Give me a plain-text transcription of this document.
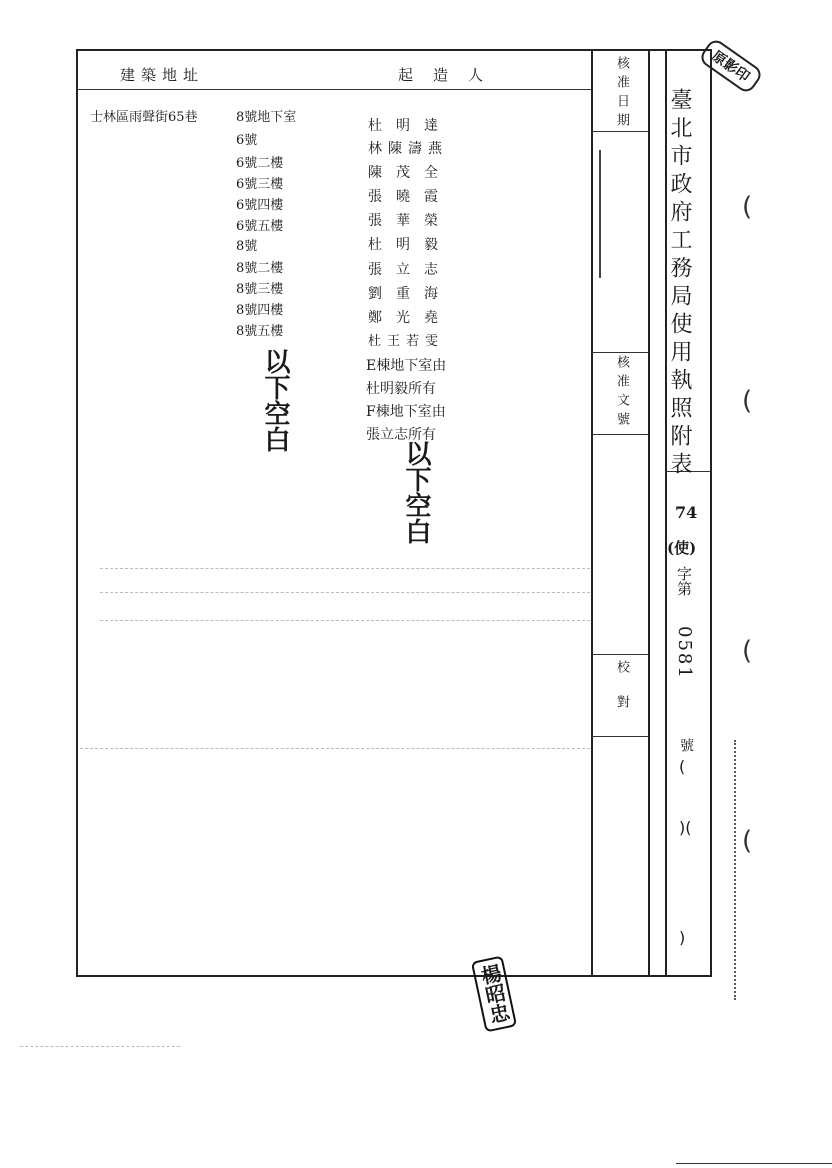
建築地址	起造人
士林區雨聲街65巷	8號地下室
6號
6號二樓
6號三樓
6號四樓
6號五樓
8號
8號二樓
8號三樓
8號四樓
8號五樓
杜明達
林陳濤燕
陳茂全
張曉霞
張華榮
杜明毅
張立志
劉重海
鄭光堯
杜王若雯
E棟地下室由
杜明毅所有
F棟地下室由
張立志所有
以下空白
以下空白
核准日期
核准文號
校對
臺北市政府工務局使用執照附表
74
(使)
字第
0581
號
(
)(
)
楊昭忠
原影印
(
(
(
(
